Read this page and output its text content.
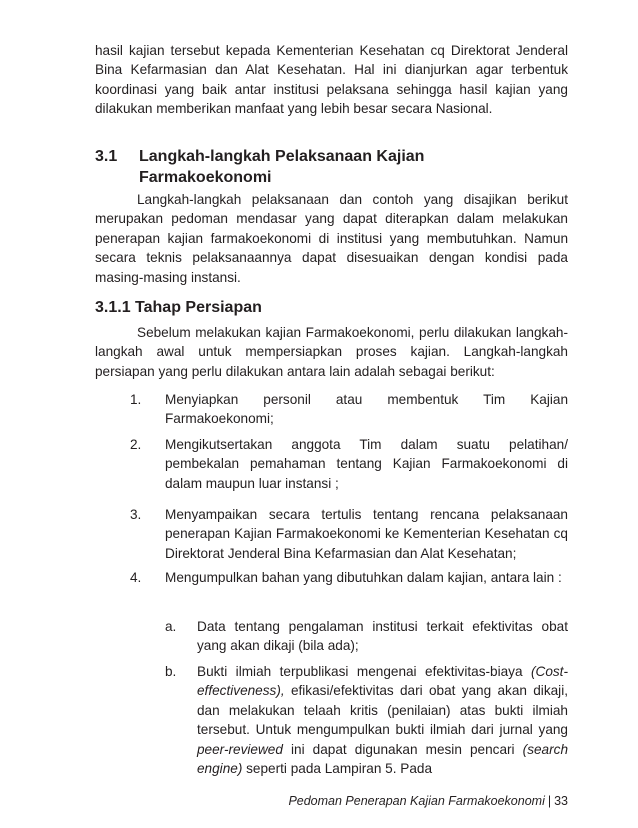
hasil kajian tersebut kepada Kementerian Kesehatan cq Direktorat Jenderal Bina Kefarmasian dan Alat Kesehatan. Hal ini dianjurkan agar terbentuk koordinasi yang baik antar institusi pelaksana sehingga hasil kajian yang dilakukan memberikan manfaat yang lebih besar secara Nasional.

3.1 Langkah-langkah Pelaksanaan Kajian Farmakoekonomi

Langkah-langkah pelaksanaan dan contoh yang disajikan berikut merupakan pedoman mendasar yang dapat diterapkan dalam melakukan penerapan kajian farmakoekonomi di institusi yang membutuhkan. Namun secara teknis pelaksanaannya dapat disesuaikan dengan kondisi pada masing-masing instansi.

3.1.1 Tahap Persiapan

Sebelum melakukan kajian Farmakoekonomi, perlu dilakukan langkah-langkah awal untuk mempersiapkan proses kajian. Langkah-langkah persiapan yang perlu dilakukan antara lain adalah sebagai berikut:

1. Menyiapkan personil atau membentuk Tim Kajian Farmakoekonomi;
2. Mengikutsertakan anggota Tim dalam suatu pelatihan/ pembekalan pemahaman tentang Kajian Farmakoekonomi di dalam maupun luar instansi ;
3. Menyampaikan secara tertulis tentang rencana pelaksanaan penerapan Kajian Farmakoekonomi ke Kementerian Kesehatan cq Direktorat Jenderal Bina Kefarmasian dan Alat Kesehatan;
4. Mengumpulkan bahan yang dibutuhkan dalam kajian, antara lain :
a. Data tentang pengalaman institusi terkait efektivitas obat yang akan dikaji (bila ada);
b. Bukti ilmiah terpublikasi mengenai efektivitas-biaya (Cost-effectiveness), efikasi/efektivitas dari obat yang akan dikaji, dan melakukan telaah kritis (penilaian) atas bukti ilmiah tersebut. Untuk mengumpulkan bukti ilmiah dari jurnal yang peer-reviewed ini dapat digunakan mesin pencari (search engine) seperti pada Lampiran 5. Pada
Pedoman Penerapan Kajian Farmakoekonomi | 33
